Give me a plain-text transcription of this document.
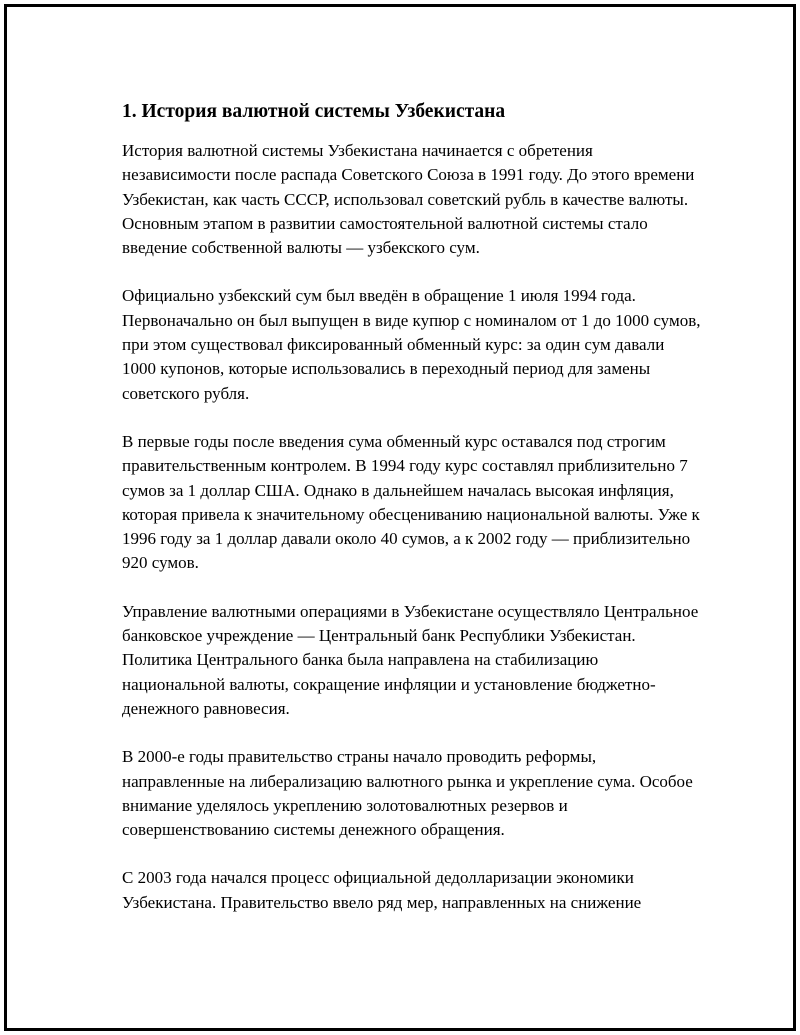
1. История валютной системы Узбекистана

История валютной системы Узбекистана начинается с обретения независимости после распада Советского Союза в 1991 году. До этого времени Узбекистан, как часть СССР, использовал советский рубль в качестве валюты. Основным этапом в развитии самостоятельной валютной системы стало введение собственной валюты — узбекского сум.

Официально узбекский сум был введён в обращение 1 июля 1994 года. Первоначально он был выпущен в виде купюр с номиналом от 1 до 1000 сумов, при этом существовал фиксированный обменный курс: за один сум давали 1000 купонов, которые использовались в переходный период для замены советского рубля.

В первые годы после введения сума обменный курс оставался под строгим правительственным контролем. В 1994 году курс составлял приблизительно 7 сумов за 1 доллар США. Однако в дальнейшем началась высокая инфляция, которая привела к значительному обесцениванию национальной валюты. Уже к 1996 году за 1 доллар давали около 40 сумов, а к 2002 году — приблизительно 920 сумов.

Управление валютными операциями в Узбекистане осуществляло Центральное банковское учреждение — Центральный банк Республики Узбекистан. Политика Центрального банка была направлена на стабилизацию национальной валюты, сокращение инфляции и установление бюджетно-денежного равновесия.

В 2000-е годы правительство страны начало проводить реформы, направленные на либерализацию валютного рынка и укрепление сума. Особое внимание уделялось укреплению золотовалютных резервов и совершенствованию системы денежного обращения.

С 2003 года начался процесс официальной дедолларизации экономики Узбекистана. Правительство ввело ряд мер, направленных на снижение
